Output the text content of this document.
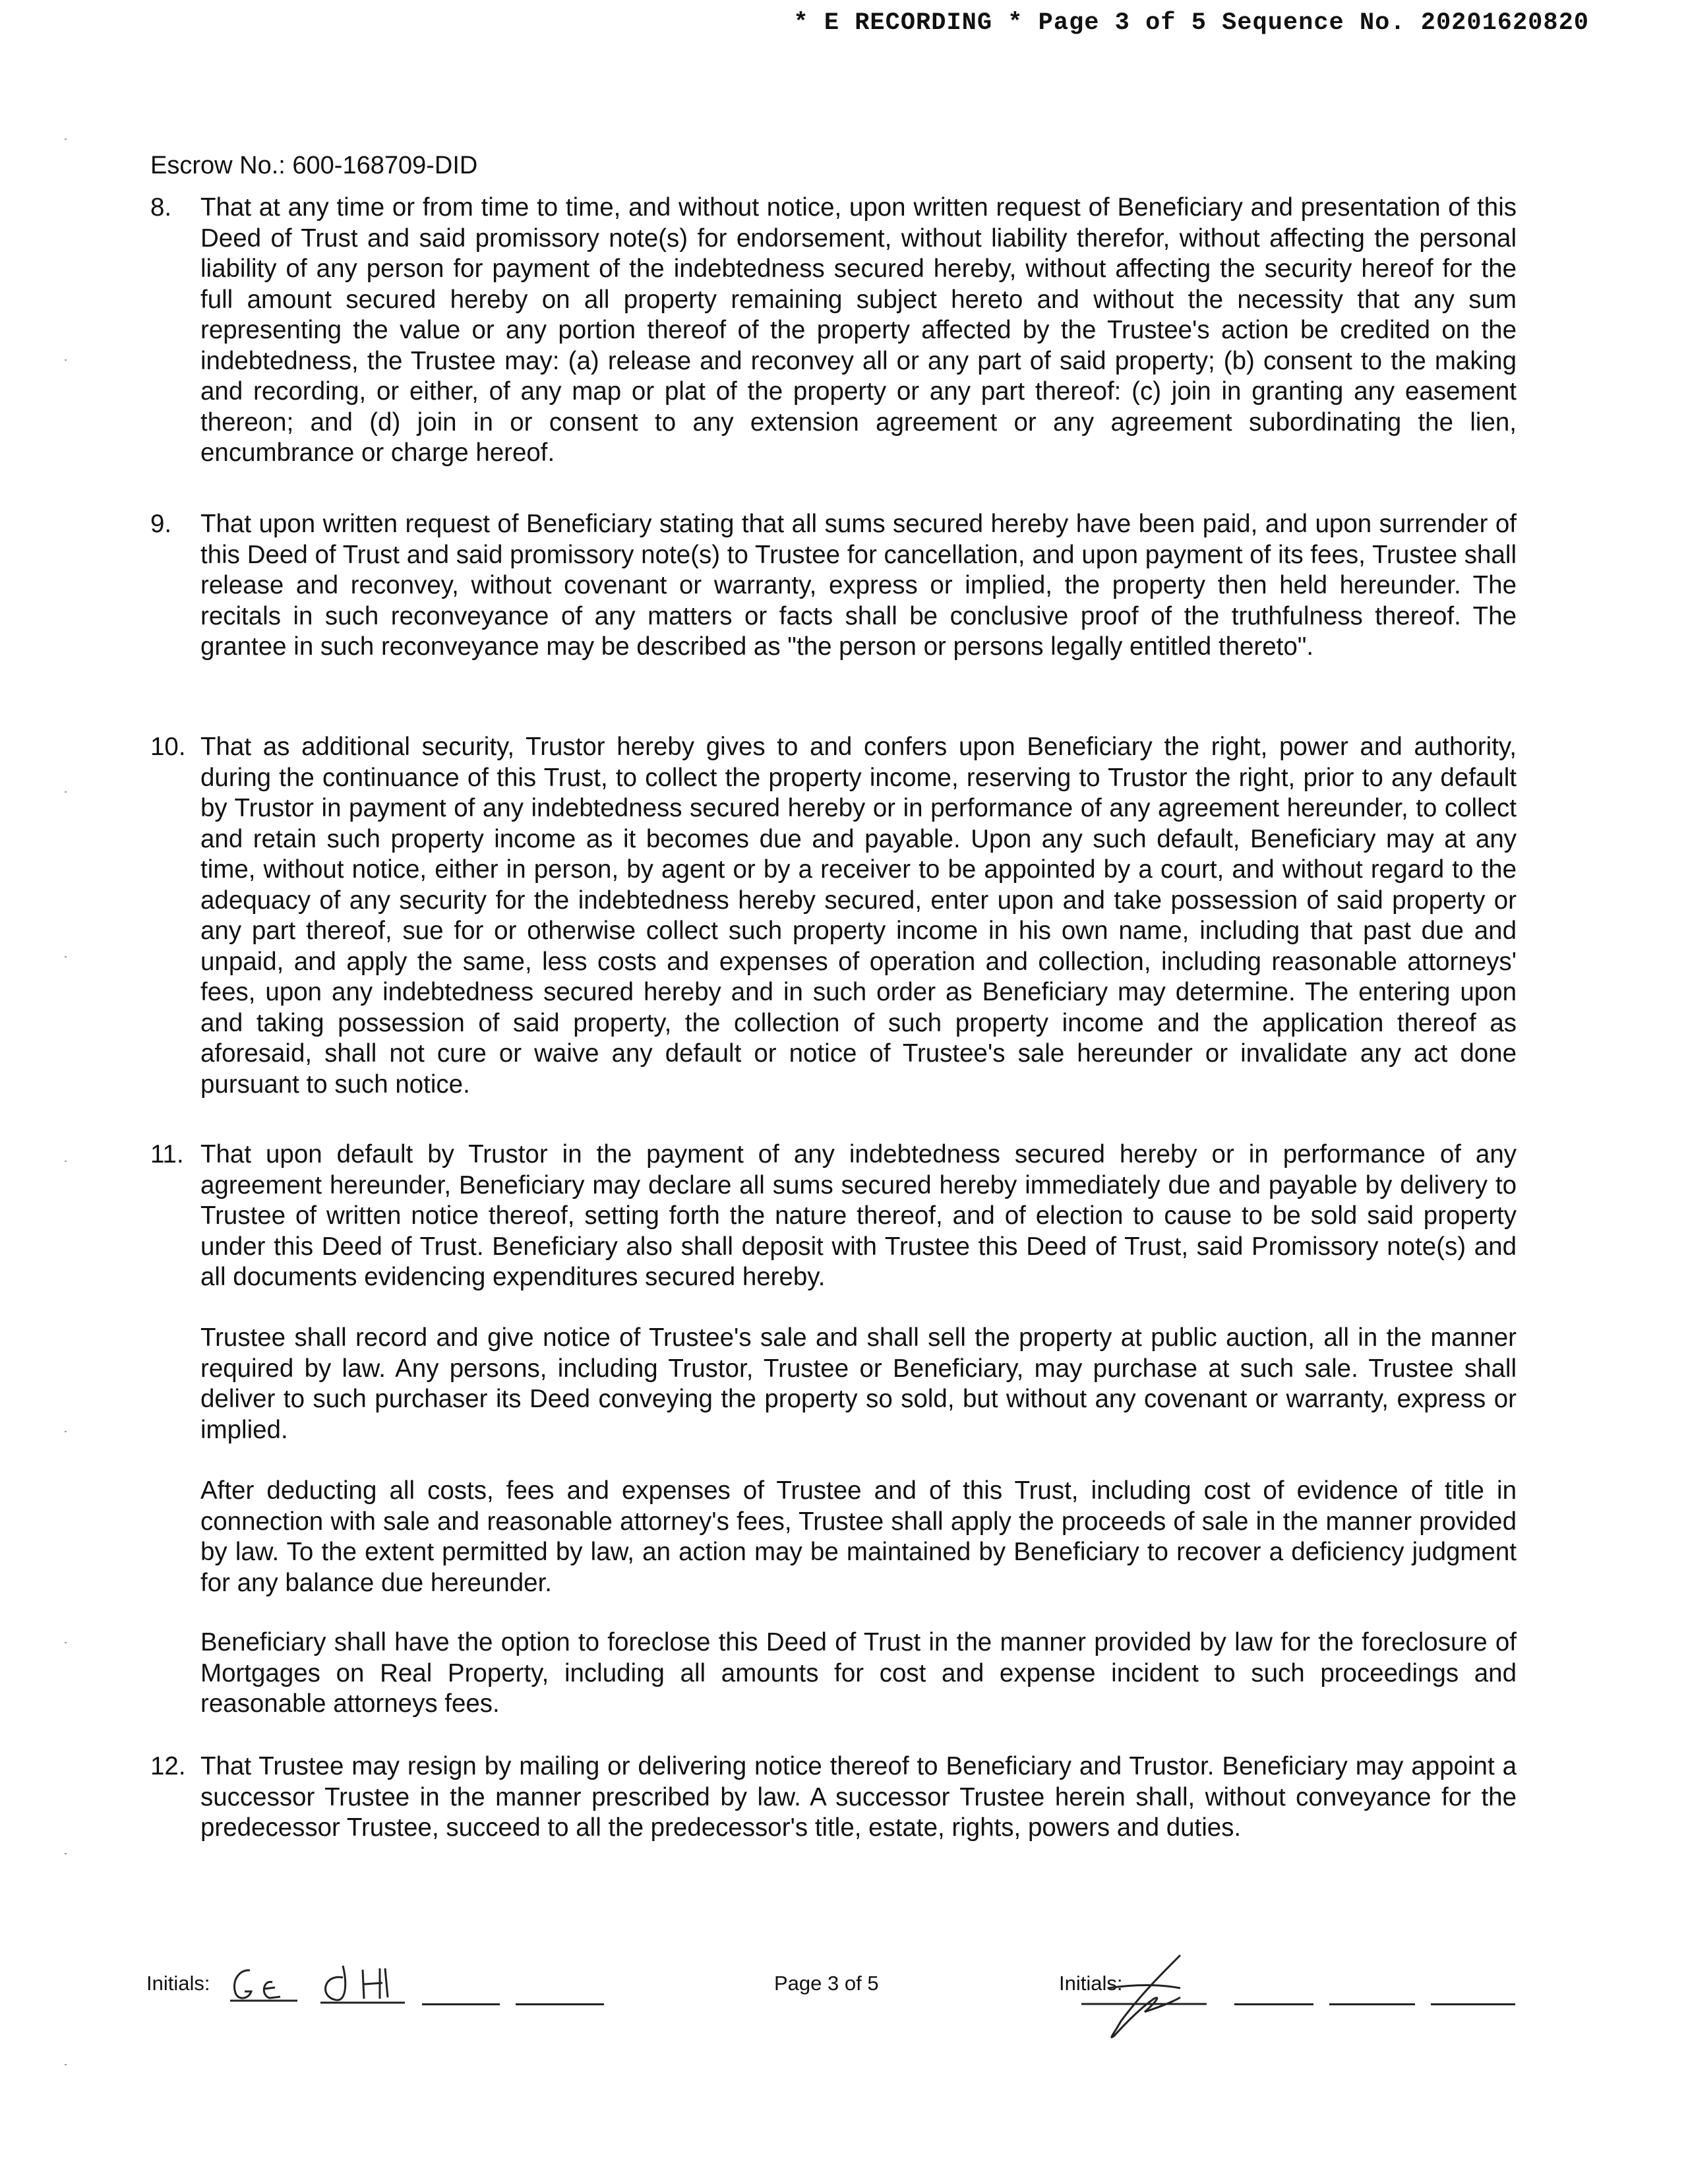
* E RECORDING * Page 3 of 5 Sequence No. 20201620820
Escrow No.: 600-168709-DID
8. That at any time or from time to time, and without notice, upon written request of Beneficiary and presentation of this Deed of Trust and said promissory note(s) for endorsement, without liability therefor, without affecting the personal liability of any person for payment of the indebtedness secured hereby, without affecting the security hereof for the full amount secured hereby on all property remaining subject hereto and without the necessity that any sum representing the value or any portion thereof of the property affected by the Trustee's action be credited on the indebtedness, the Trustee may: (a) release and reconvey all or any part of said property; (b) consent to the making and recording, or either, of any map or plat of the property or any part thereof: (c) join in granting any easement thereon; and (d) join in or consent to any extension agreement or any agreement subordinating the lien, encumbrance or charge hereof.
9. That upon written request of Beneficiary stating that all sums secured hereby have been paid, and upon surrender of this Deed of Trust and said promissory note(s) to Trustee for cancellation, and upon payment of its fees, Trustee shall release and reconvey, without covenant or warranty, express or implied, the property then held hereunder. The recitals in such reconveyance of any matters or facts shall be conclusive proof of the truthfulness thereof. The grantee in such reconveyance may be described as "the person or persons legally entitled thereto".
10. That as additional security, Trustor hereby gives to and confers upon Beneficiary the right, power and authority, during the continuance of this Trust, to collect the property income, reserving to Trustor the right, prior to any default by Trustor in payment of any indebtedness secured hereby or in performance of any agreement hereunder, to collect and retain such property income as it becomes due and payable. Upon any such default, Beneficiary may at any time, without notice, either in person, by agent or by a receiver to be appointed by a court, and without regard to the adequacy of any security for the indebtedness hereby secured, enter upon and take possession of said property or any part thereof, sue for or otherwise collect such property income in his own name, including that past due and unpaid, and apply the same, less costs and expenses of operation and collection, including reasonable attorneys' fees, upon any indebtedness secured hereby and in such order as Beneficiary may determine. The entering upon and taking possession of said property, the collection of such property income and the application thereof as aforesaid, shall not cure or waive any default or notice of Trustee's sale hereunder or invalidate any act done pursuant to such notice.
11. That upon default by Trustor in the payment of any indebtedness secured hereby or in performance of any agreement hereunder, Beneficiary may declare all sums secured hereby immediately due and payable by delivery to Trustee of written notice thereof, setting forth the nature thereof, and of election to cause to be sold said property under this Deed of Trust. Beneficiary also shall deposit with Trustee this Deed of Trust, said Promissory note(s) and all documents evidencing expenditures secured hereby.
Trustee shall record and give notice of Trustee's sale and shall sell the property at public auction, all in the manner required by law. Any persons, including Trustor, Trustee or Beneficiary, may purchase at such sale. Trustee shall deliver to such purchaser its Deed conveying the property so sold, but without any covenant or warranty, express or implied.
After deducting all costs, fees and expenses of Trustee and of this Trust, including cost of evidence of title in connection with sale and reasonable attorney's fees, Trustee shall apply the proceeds of sale in the manner provided by law. To the extent permitted by law, an action may be maintained by Beneficiary to recover a deficiency judgment for any balance due hereunder.
Beneficiary shall have the option to foreclose this Deed of Trust in the manner provided by law for the foreclosure of Mortgages on Real Property, including all amounts for cost and expense incident to such proceedings and reasonable attorneys fees.
12. That Trustee may resign by mailing or delivering notice thereof to Beneficiary and Trustor. Beneficiary may appoint a successor Trustee in the manner prescribed by law. A successor Trustee herein shall, without conveyance for the predecessor Trustee, succeed to all the predecessor's title, estate, rights, powers and duties.
Initials:	Page 3 of 5	Initials:
